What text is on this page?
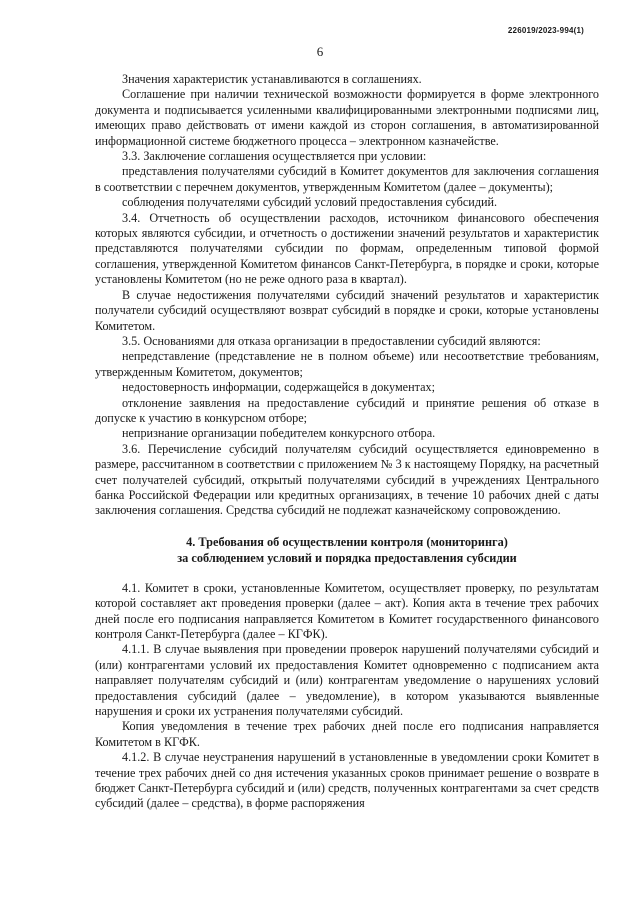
226019/2023-994(1)
6

Значения характеристик устанавливаются в соглашениях.

Соглашение при наличии технической возможности формируется в форме электронного документа и подписывается усиленными квалифицированными электронными подписями лиц, имеющих право действовать от имени каждой из сторон соглашения, в автоматизированной информационной системе бюджетного процесса – электронном казначействе.

3.3. Заключение соглашения осуществляется при условии:

представления получателями субсидий в Комитет документов для заключения соглашения в соответствии с перечнем документов, утвержденным Комитетом (далее – документы);

соблюдения получателями субсидий условий предоставления субсидий.

3.4. Отчетность об осуществлении расходов, источником финансового обеспечения которых являются субсидии, и отчетность о достижении значений результатов и характеристик представляются получателями субсидии по формам, определенным типовой формой соглашения, утвержденной Комитетом финансов Санкт-Петербурга, в порядке и сроки, которые установлены Комитетом (но не реже одного раза в квартал).

В случае недостижения получателями субсидий значений результатов и характеристик получатели субсидий осуществляют возврат субсидий в порядке и сроки, которые установлены Комитетом.

3.5. Основаниями для отказа организации в предоставлении субсидий являются:

непредставление (представление не в полном объеме) или несоответствие требованиям, утвержденным Комитетом, документов;

недостоверность информации, содержащейся в документах;

отклонение заявления на предоставление субсидий и принятие решения об отказе в допуске к участию в конкурсном отборе;

непризнание организации победителем конкурсного отбора.

3.6. Перечисление субсидий получателям субсидий осуществляется единовременно в размере, рассчитанном в соответствии с приложением № 3 к настоящему Порядку, на расчетный счет получателей субсидий, открытый получателями субсидий в учреждениях Центрального банка Российской Федерации или кредитных организациях, в течение 10 рабочих дней с даты заключения соглашения. Средства субсидий не подлежат казначейскому сопровождению.

4. Требования об осуществлении контроля (мониторинга)
за соблюдением условий и порядка предоставления субсидии

4.1. Комитет в сроки, установленные Комитетом, осуществляет проверку, по результатам которой составляет акт проведения проверки (далее – акт). Копия акта в течение трех рабочих дней после его подписания направляется Комитетом в Комитет государственного финансового контроля Санкт-Петербурга (далее – КГФК).

4.1.1. В случае выявления при проведении проверок нарушений получателями субсидий и (или) контрагентами условий их предоставления Комитет одновременно с подписанием акта направляет получателям субсидий и (или) контрагентам уведомление о нарушениях условий предоставления субсидий (далее – уведомление), в котором указываются выявленные нарушения и сроки их устранения получателями субсидий.

Копия уведомления в течение трех рабочих дней после его подписания направляется Комитетом в КГФК.

4.1.2. В случае неустранения нарушений в установленные в уведомлении сроки Комитет в течение трех рабочих дней со дня истечения указанных сроков принимает решение о возврате в бюджет Санкт-Петербурга субсидий и (или) средств, полученных контрагентами за счет средств субсидий (далее – средства), в форме распоряжения
